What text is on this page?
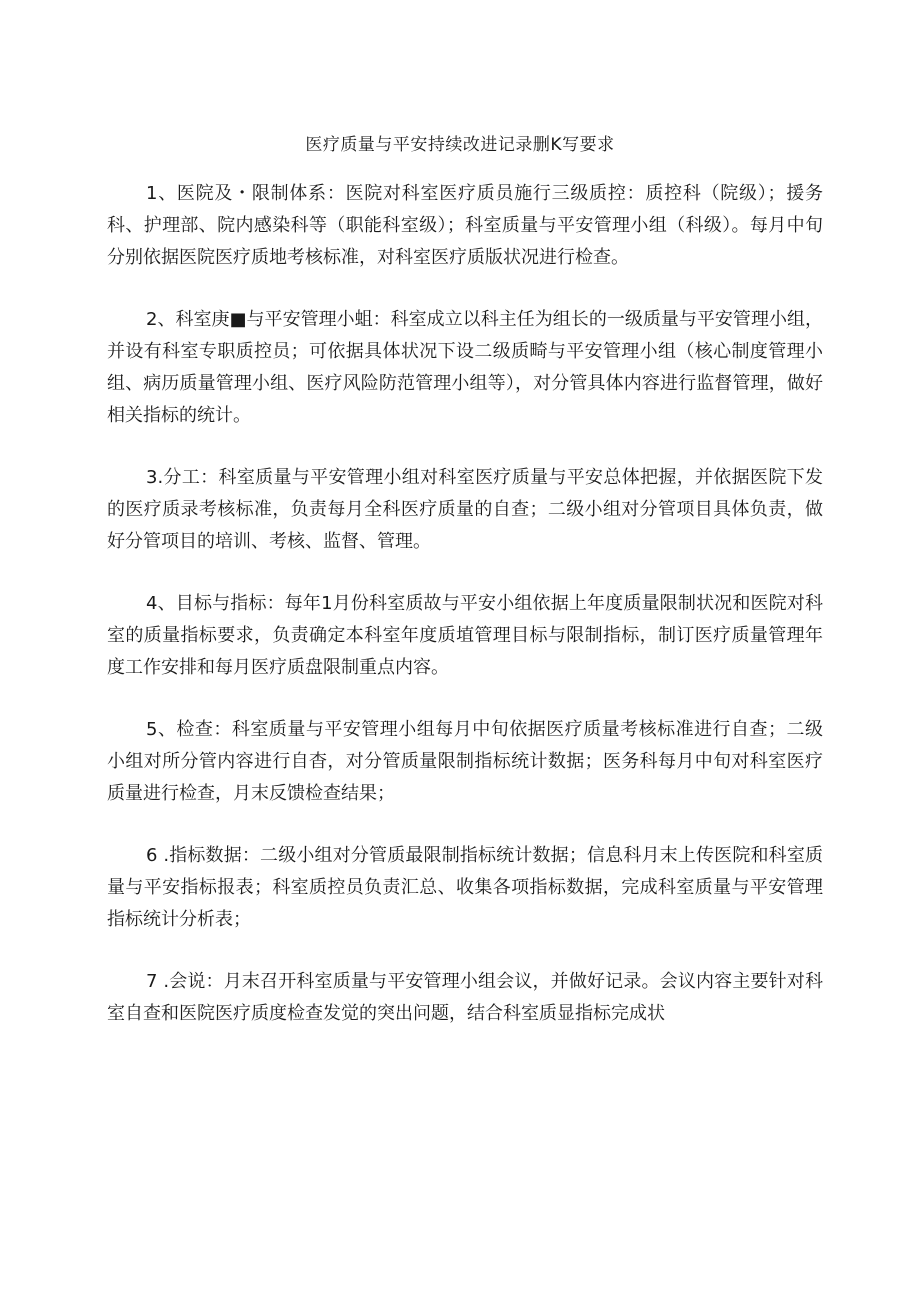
医疗质量与平安持续改进记录删K写要求

1、医院及・限制体系：医院对科室医疗质员施行三级质控：质控科（院级）；援务科、护理部、院内感染科等（职能科室级）；科室质量与平安管理小组（科级）。每月中旬分别依据医院医疗质地考核标准，对科室医疗质版状况进行检查。

2、科室庚■与平安管理小蛆：科室成立以科主任为组长的一级质量与平安管理小组，并设有科室专职质控员；可依据具体状况下设二级质畸与平安管理小组（核心制度管理小组、病历质量管理小组、医疗风险防范管理小组等），对分管具体内容进行监督管理，做好相关指标的统计。

3.分工：科室质量与平安管理小组对科室医疗质量与平安总体把握，并依据医院下发的医疗质录考核标准，负责每月全科医疗质量的自查；二级小组对分管项目具体负责，做好分管项目的培训、考核、监督、管理。

4、目标与指标：每年1月份科室质故与平安小组依据上年度质量限制状况和医院对科室的质量指标要求，负责确定本科室年度质埴管理目标与限制指标，制订医疗质量管理年度工作安排和每月医疗质盘限制重点内容。

5、检查：科室质量与平安管理小组每月中旬依据医疗质量考核标准进行自查；二级小组对所分管内容进行自杳，对分管质量限制指标统计数据；医务科每月中旬对科室医疗质量进行检查，月末反馈检查结果；

6 .指标数据：二级小组对分管质最限制指标统计数据；信息科月末上传医院和科室质量与平安指标报表；科室质控员负责汇总、收集各项指标数据，完成科室质量与平安管理指标统计分析表；

7 .会说：月末召开科室质量与平安管理小组会议，并做好记录。会议内容主要针对科室自查和医院医疗质度检查发觉的突出问题，结合科室质显指标完成状
